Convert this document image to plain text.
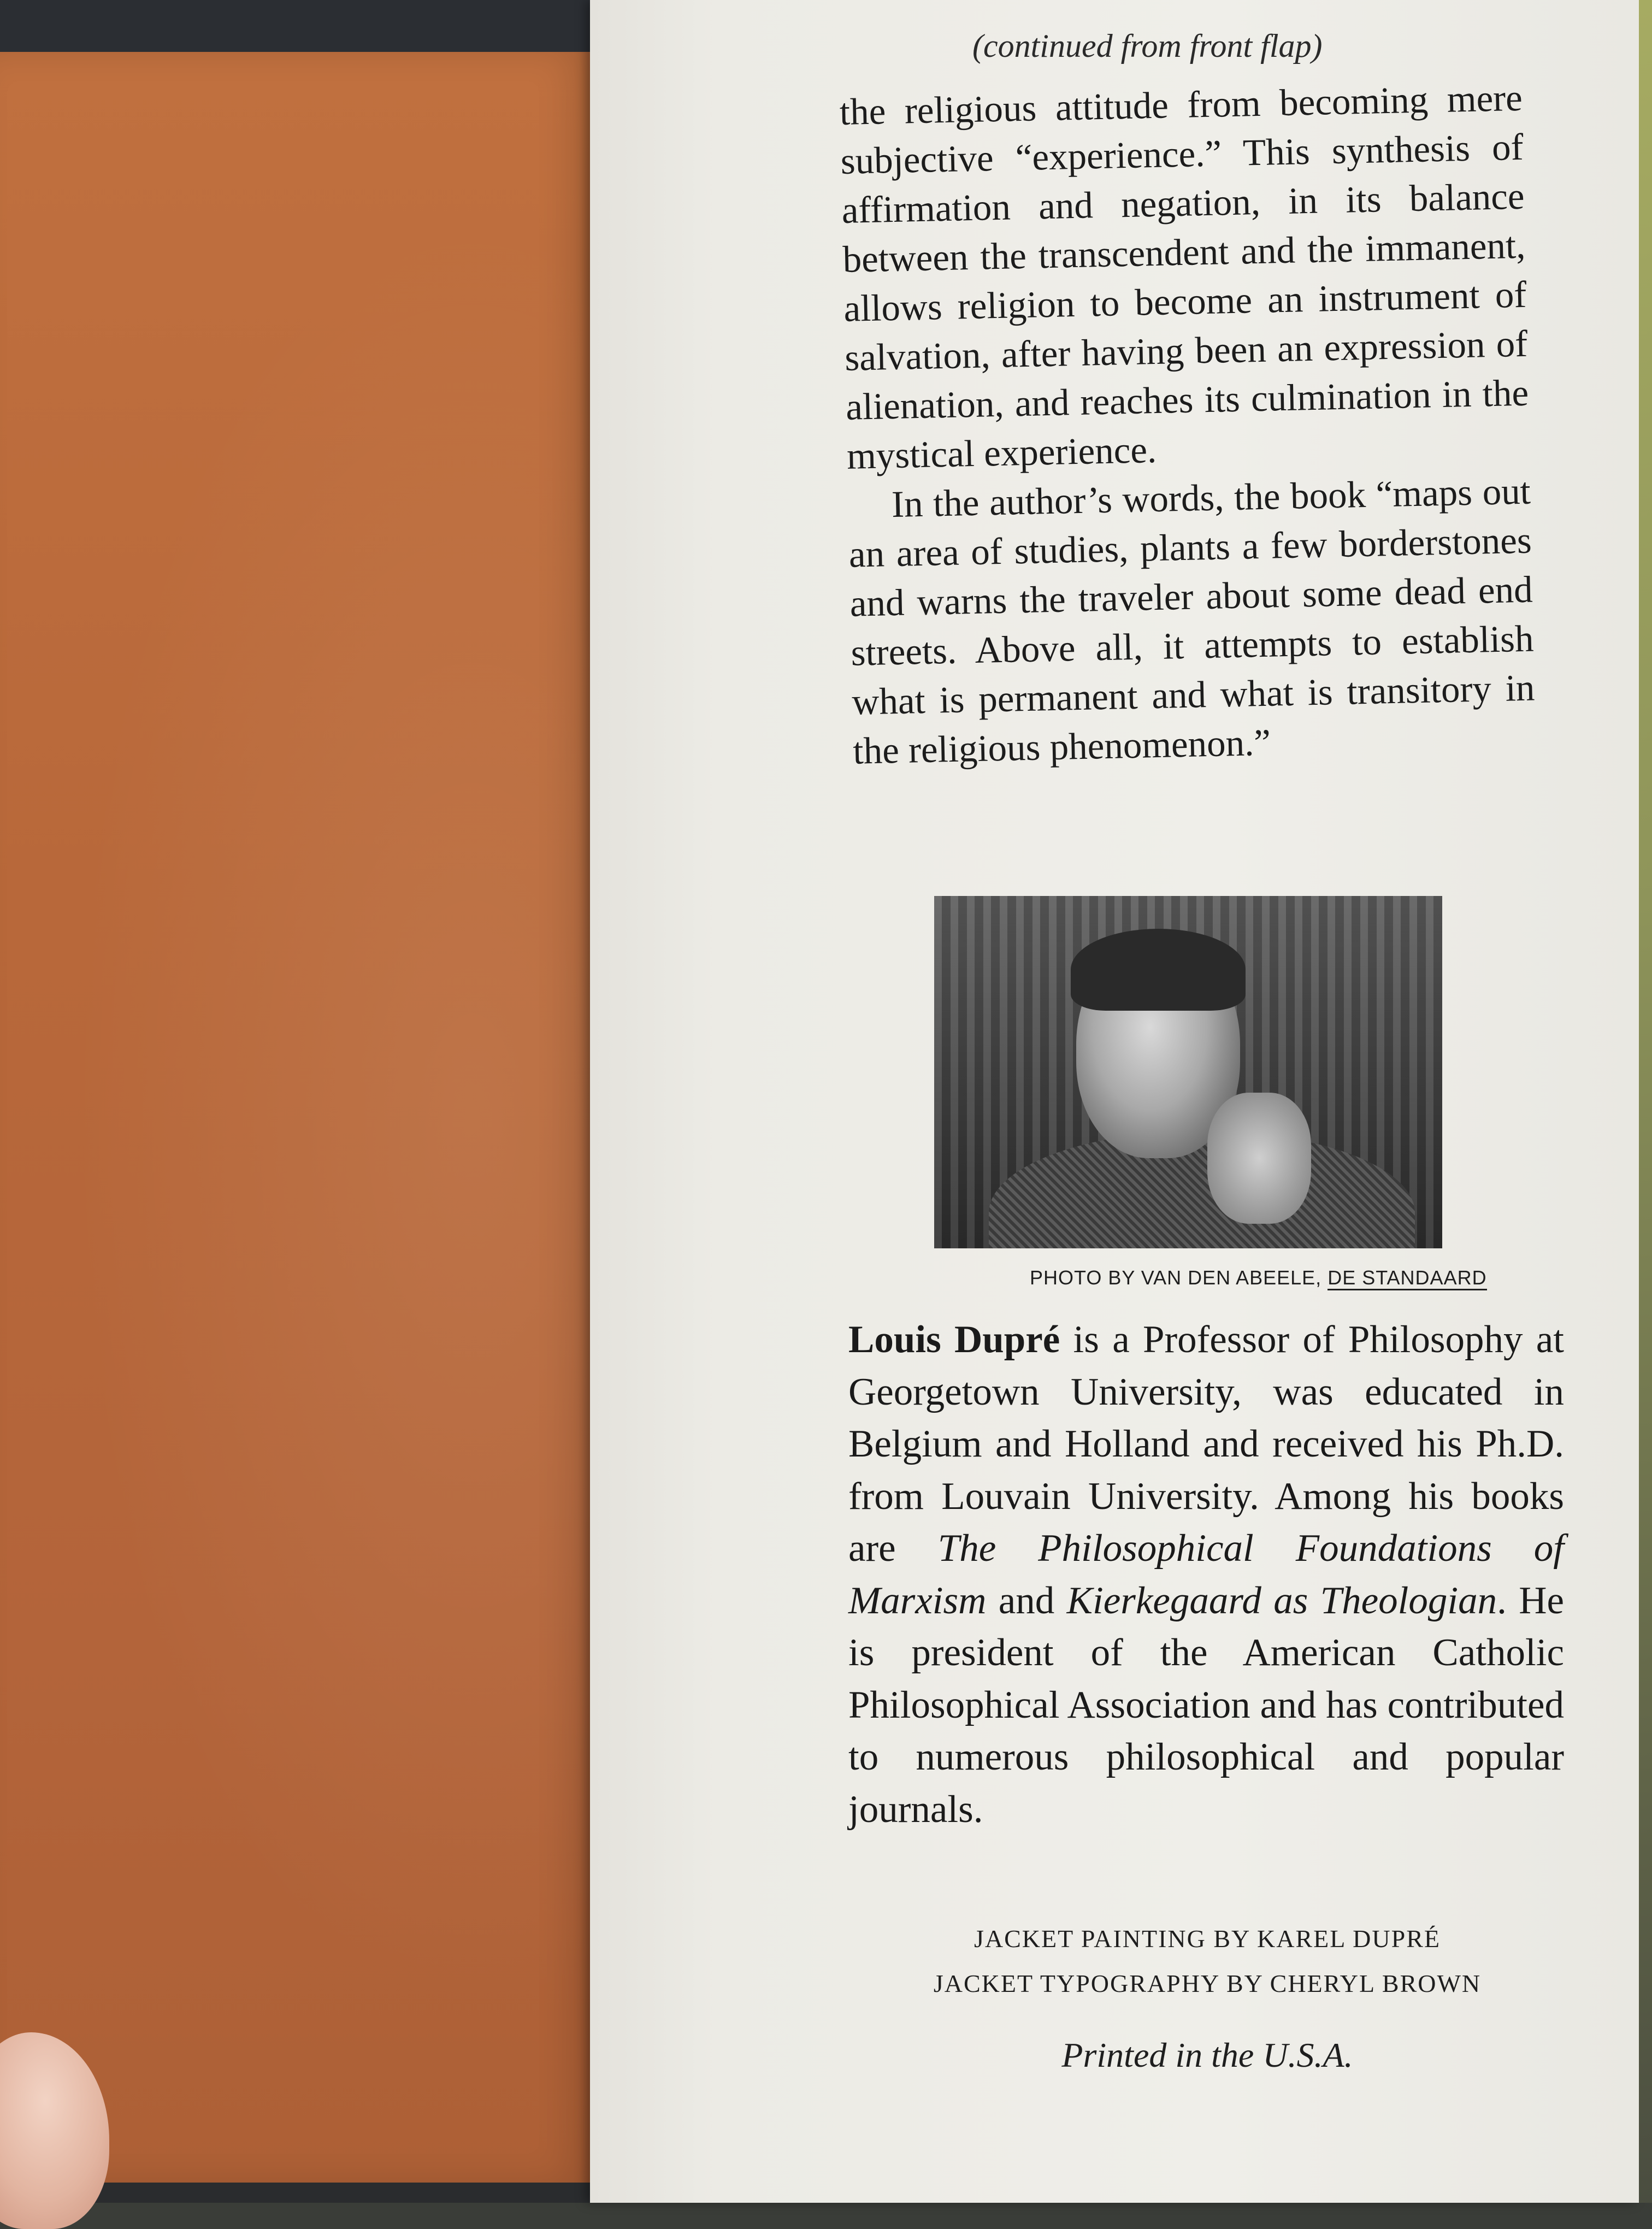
(continued from front flap)

the religious attitude from becoming mere subjective “experience.” This synthesis of affirmation and negation, in its balance between the transcendent and the immanent, allows religion to become an instrument of salvation, after having been an expression of alienation, and reaches its culmination in the mystical experience.

In the author’s words, the book “maps out an area of studies, plants a few borderstones and warns the traveler about some dead end streets. Above all, it attempts to establish what is permanent and what is transitory in the religious phenomenon.”

PHOTO BY VAN DEN ABEELE, DE STANDAARD

Louis Dupré is a Professor of Philosophy at Georgetown University, was educated in Belgium and Holland and received his Ph.D. from Louvain University. Among his books are The Philosophical Foundations of Marxism and Kierkegaard as Theologian. He is president of the American Catholic Philosophical Association and has contributed to numerous philosophical and popular journals.

JACKET PAINTING BY KAREL DUPRÉ
JACKET TYPOGRAPHY BY CHERYL BROWN
Printed in the U.S.A.
